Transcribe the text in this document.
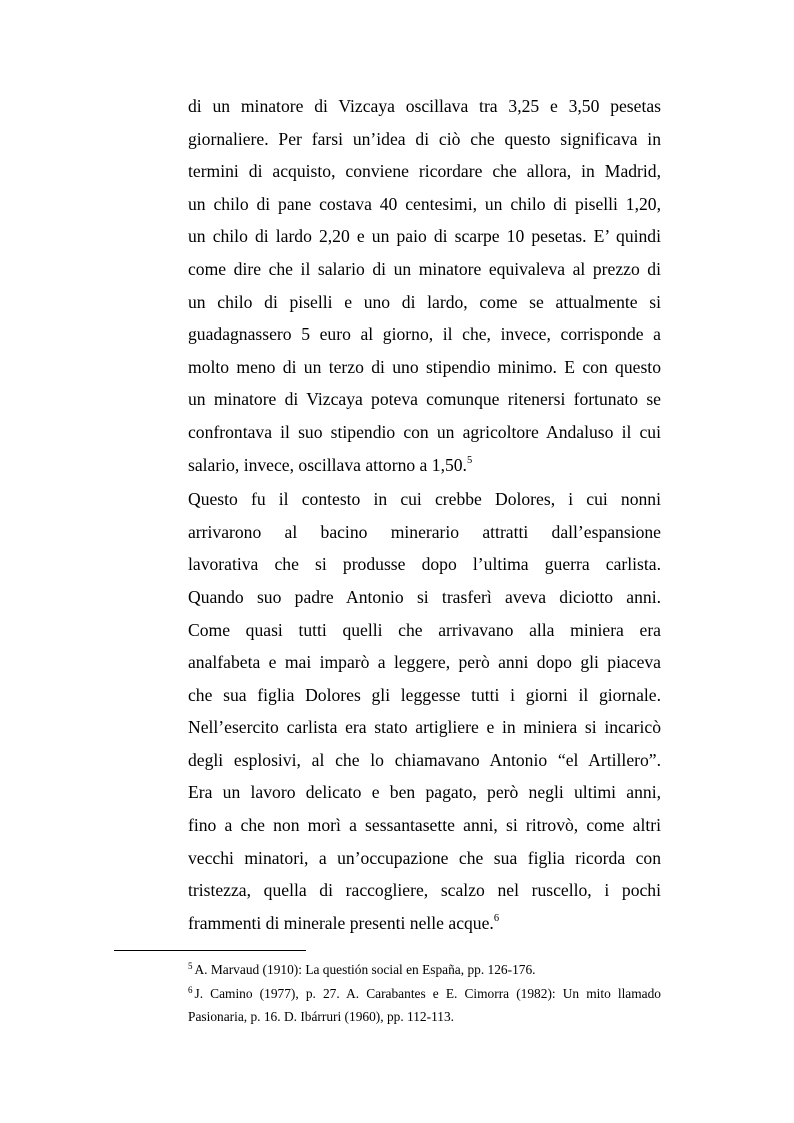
di un minatore di Vizcaya oscillava tra 3,25 e 3,50 pesetas
giornaliere. Per farsi un’idea di ciò che questo significava in
termini di acquisto, conviene ricordare che allora, in Madrid,
un chilo di pane costava 40 centesimi, un chilo di piselli 1,20,
un chilo di lardo 2,20 e un paio di scarpe 10 pesetas. E’ quindi
come dire che il salario di un minatore equivaleva al prezzo di
un chilo di piselli e uno di lardo, come se attualmente si
guadagnassero 5 euro al giorno, il che, invece, corrisponde a
molto meno di un terzo di uno stipendio minimo. E con questo
un minatore di Vizcaya poteva comunque ritenersi fortunato se
confrontava il suo stipendio con un agricoltore Andaluso il cui
salario, invece, oscillava attorno a 1,50.$^5$

Questo fu il contesto in cui crebbe Dolores, i cui nonni
arrivarono al bacino minerario attratti dall’espansione
lavorativa che si produsse dopo l’ultima guerra carlista.
Quando suo padre Antonio si trasferì aveva diciotto anni.
Come quasi tutti quelli che arrivavano alla miniera era
analfabeta e mai imparò a leggere, però anni dopo gli piaceva
che sua figlia Dolores gli leggesse tutti i giorni il giornale.
Nell’esercito carlista era stato artigliere e in miniera si incaricò
degli esplosivi, al che lo chiamavano Antonio “el Artillero”.
Era un lavoro delicato e ben pagato, però negli ultimi anni,
fino a che non morì a sessantasette anni, si ritrovò, come altri
vecchi minatori, a un’occupazione che sua figlia ricorda con
tristezza, quella di raccogliere, scalzo nel ruscello, i pochi
frammenti di minerale presenti nelle acque.$^6$

$^5$ A. Marvaud (1910): La questión social en España, pp. 126-176.

$^6$ J. Camino (1977), p. 27. A. Carabantes e E. Cimorra (1982): Un mito llamado
Pasionaria, p. 16. D. Ibárruri (1960), pp. 112-113.
